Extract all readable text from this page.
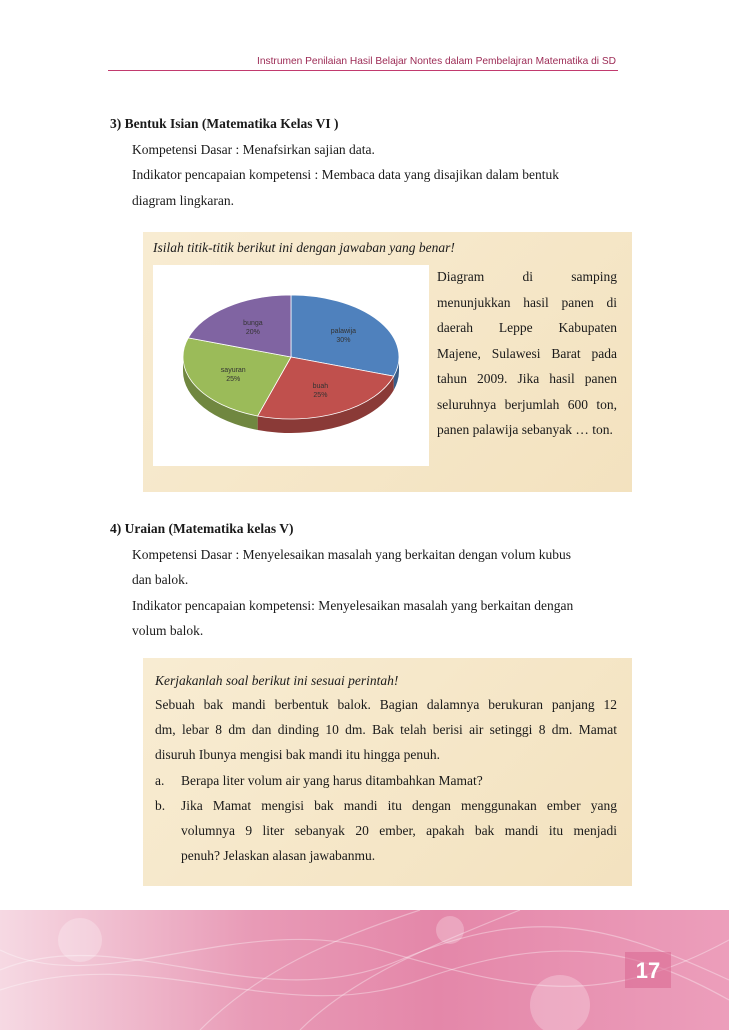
Instrumen Penilaian Hasil Belajar Nontes dalam Pembelajran Matematika di SD
3) Bentuk Isian (Matematika Kelas VI )
Kompetensi Dasar : Menafsirkan sajian data.
Indikator pencapaian kompetensi : Membaca data yang disajikan dalam bentuk
diagram lingkaran.
Isilah titik-titik berikut ini dengan jawaban yang benar!
palawija
30%
buah
25%
sayuran
25%
bunga
20%
Diagram di samping menunjukkan hasil panen di daerah Leppe Kabupaten Majene, Sulawesi Barat pada tahun 2009. Jika hasil panen seluruhnya berjumlah 600 ton, panen palawija sebanyak … ton.
4) Uraian (Matematika kelas V)
Kompetensi Dasar : Menyelesaikan masalah yang berkaitan dengan volum kubus
dan balok.
Indikator pencapaian kompetensi: Menyelesaikan masalah yang berkaitan dengan
volum balok.
Kerjakanlah soal berikut ini sesuai perintah!
Sebuah bak mandi berbentuk balok. Bagian dalamnya berukuran panjang 12
dm, lebar 8 dm dan dinding 10 dm. Bak telah berisi air setinggi 8 dm. Mamat
disuruh Ibunya mengisi bak mandi itu hingga penuh.
a. Berapa liter volum air yang harus ditambahkan Mamat?
b. Jika Mamat mengisi bak mandi itu dengan menggunakan ember yang
volumnya 9 liter sebanyak 20 ember, apakah bak mandi itu menjadi
penuh? Jelaskan alasan jawabanmu.
17
